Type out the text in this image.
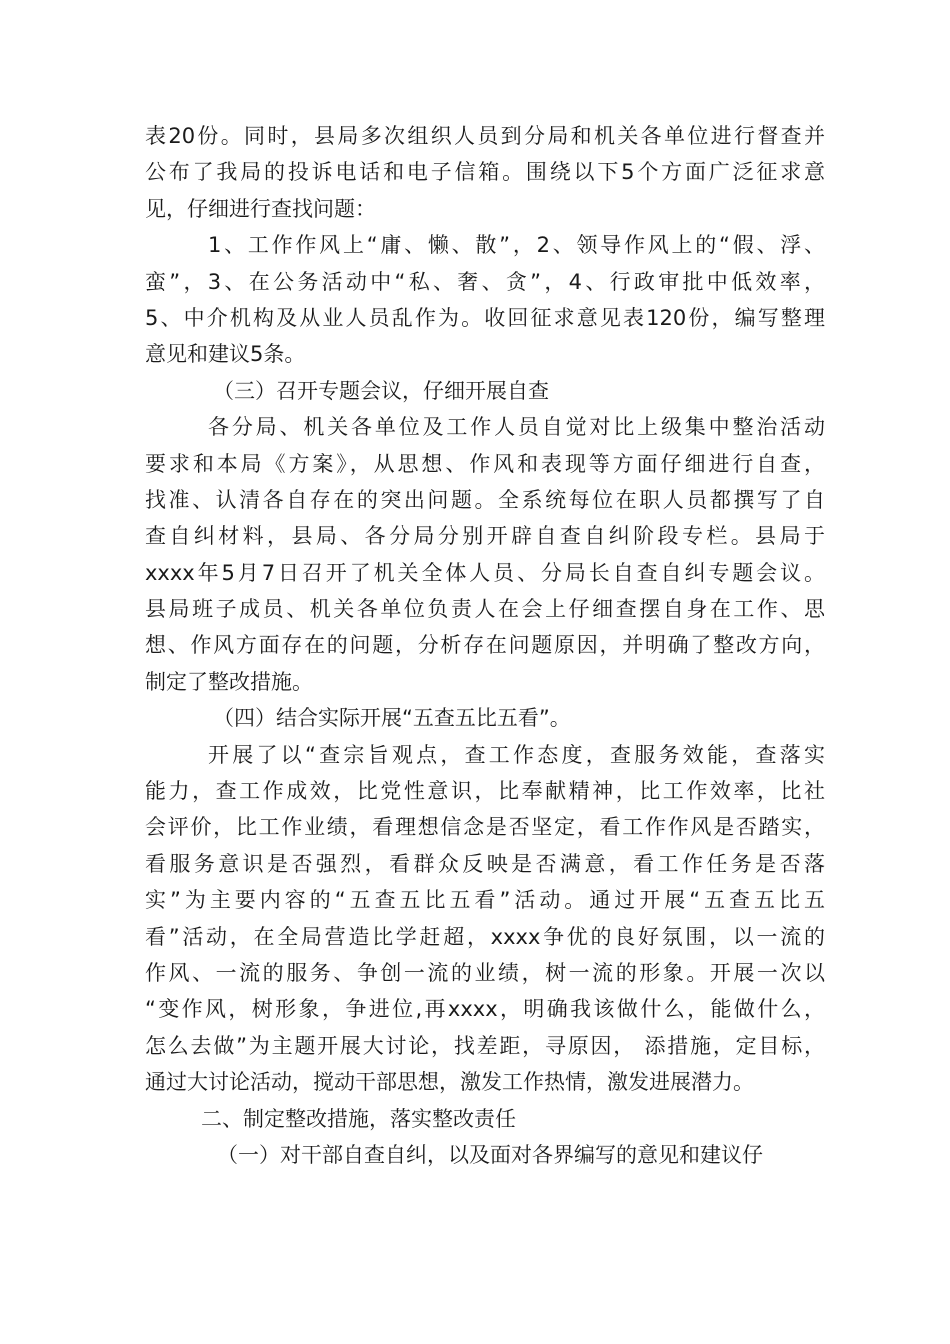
表20份。同时，县局多次组织人员到分局和机关各单位进行督查并
公布了我局的投诉电话和电子信箱。围绕以下5个方面广泛征求意
见，仔细进行查找问题：
1、工作作风上“庸、懒、散”，2、领导作风上的“假、浮、
蛮”，3、在公务活动中“私、奢、贪”，4、行政审批中低效率，
5、中介机构及从业人员乱作为。收回征求意见表120份，编写整理
意见和建议5条。
（三）召开专题会议，仔细开展自查
各分局、机关各单位及工作人员自觉对比上级集中整治活动
要求和本局《方案》，从思想、作风和表现等方面仔细进行自查，
找准、认清各自存在的突出问题。全系统每位在职人员都撰写了自
查自纠材料，县局、各分局分别开辟自查自纠阶段专栏。县局于
xxxx年5月7日召开了机关全体人员、分局长自查自纠专题会议。
县局班子成员、机关各单位负责人在会上仔细查摆自身在工作、思
想、作风方面存在的问题，分析存在问题原因，并明确了整改方向，
制定了整改措施。
（四）结合实际开展“五查五比五看”。
开展了以“查宗旨观点，查工作态度，查服务效能，查落实
能力，查工作成效，比党性意识，比奉献精神，比工作效率，比社
会评价，比工作业绩，看理想信念是否坚定，看工作作风是否踏实，
看服务意识是否强烈，看群众反映是否满意，看工作任务是否落
实”为主要内容的“五查五比五看”活动。通过开展“五查五比五
看”活动，在全局营造比学赶超，xxxx争优的良好氛围，以一流的
作风、一流的服务、争创一流的业绩，树一流的形象。开展一次以
“变作风，树形象，争进位,再xxxx，明确我该做什么，能做什么，
怎么去做”为主题开展大讨论，找差距，寻原因， 添措施，定目标，
通过大讨论活动，搅动干部思想，激发工作热情，激发进展潜力。
二、制定整改措施，落实整改责任
（一）对干部自查自纠，以及面对各界编写的意见和建议仔
